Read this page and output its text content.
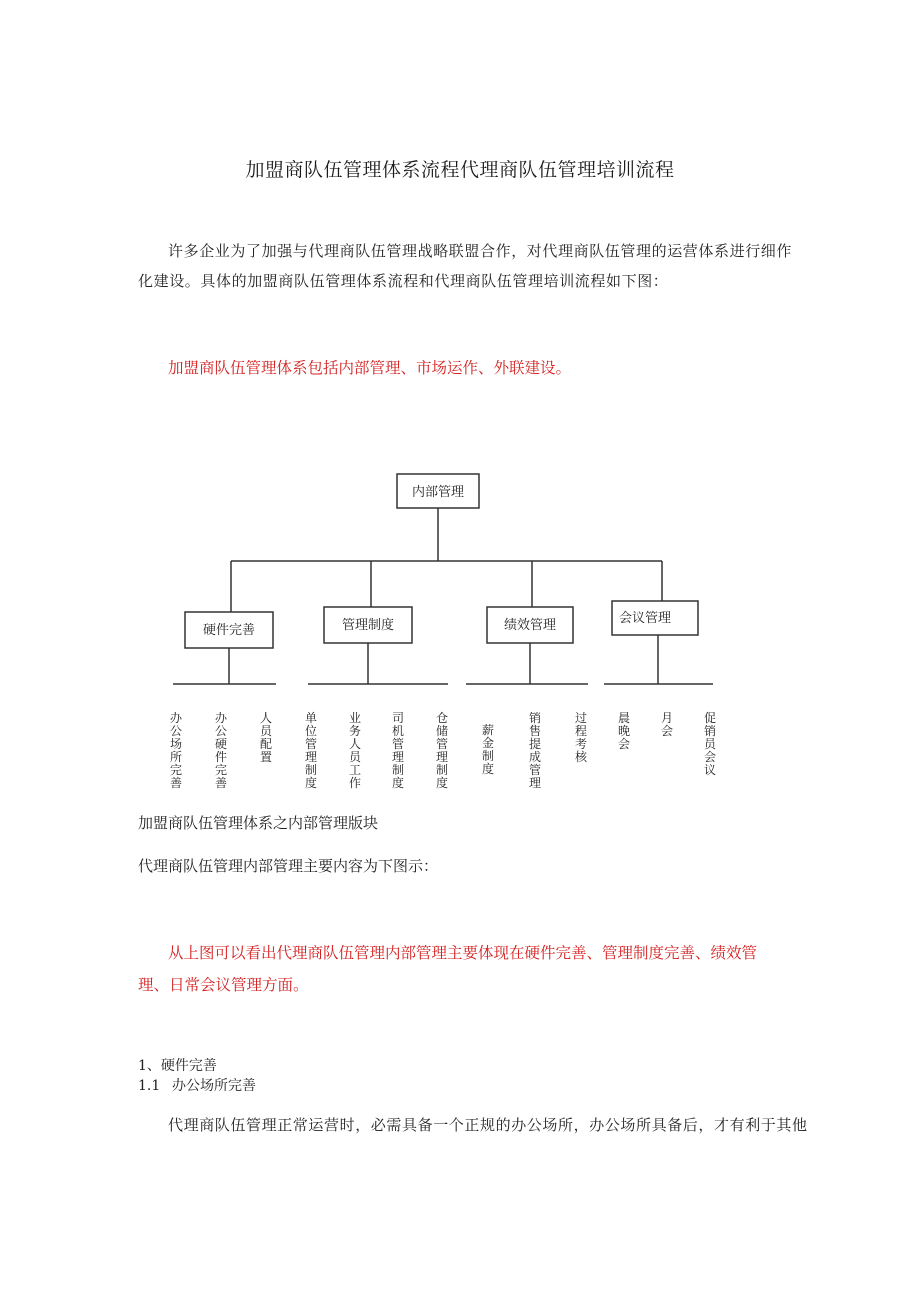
加盟商队伍管理体系流程代理商队伍管理培训流程
许多企业为了加强与代理商队伍管理战略联盟合作，对代理商队伍管理的运营体系进行细作化建设。具体的加盟商队伍管理体系流程和代理商队伍管理培训流程如下图：
加盟商队伍管理体系包括内部管理、市场运作、外联建设。
内部管理
硬件完善	管理制度	绩效管理	会议管理
办公场所完善
办公硬件完善
人员配置
单位管理制度
业务人员工作
司机管理制度
仓储管理制度
薪金制度
销售提成管理
过程考核
晨晚会
月会
促销员会议
加盟商队伍管理体系之内部管理版块
代理商队伍管理内部管理主要内容为下图示：
从上图可以看出代理商队伍管理内部管理主要体现在硬件完善、管理制度完善、绩效管理、日常会议管理方面。
1、硬件完善
1.1 办公场所完善
代理商队伍管理正常运营时，必需具备一个正规的办公场所，办公场所具备后，才有利于其他
